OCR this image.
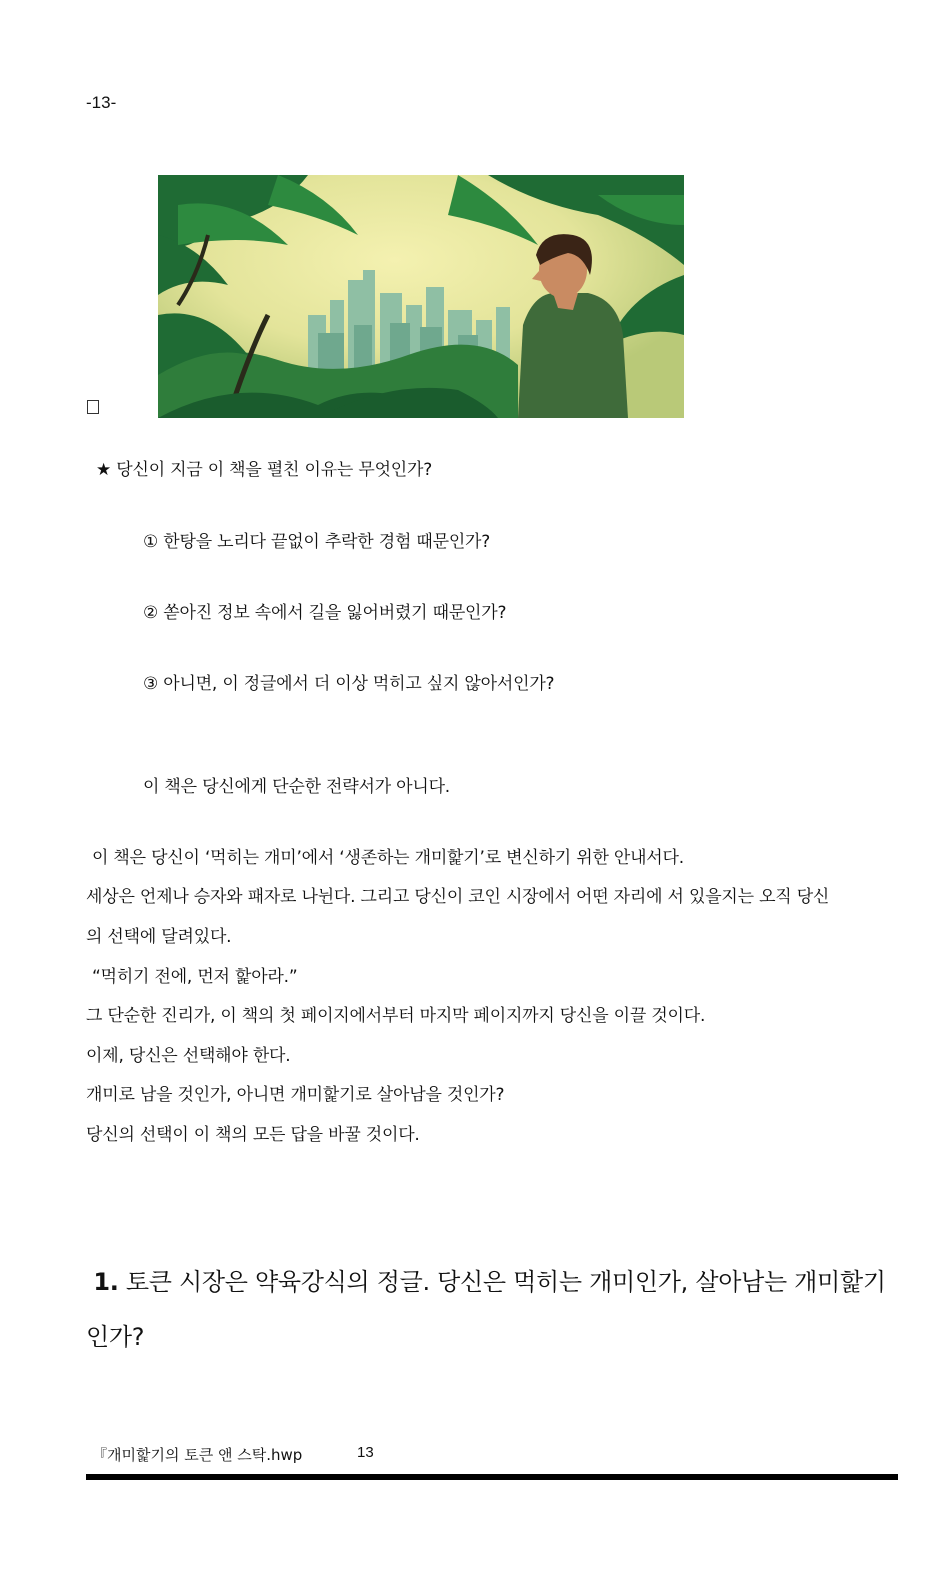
-13-
★ 당신이 지금 이 책을 펼친 이유는 무엇인가?
① 한탕을 노리다 끝없이 추락한 경험 때문인가?
② 쏟아진 정보 속에서 길을 잃어버렸기 때문인가?
③ 아니면, 이 정글에서 더 이상 먹히고 싶지 않아서인가?
이 책은 당신에게 단순한 전략서가 아니다.
이 책은 당신이 ‘먹히는 개미’에서 ‘생존하는 개미핥기’로 변신하기 위한 안내서다.
세상은 언제나 승자와 패자로 나뉜다. 그리고 당신이 코인 시장에서 어떤 자리에 서 있을지는 오직 당신
의 선택에 달려있다.
“먹히기 전에, 먼저 핥아라.”
그 단순한 진리가, 이 책의 첫 페이지에서부터 마지막 페이지까지 당신을 이끌 것이다.
이제, 당신은 선택해야 한다.
개미로 남을 것인가, 아니면 개미핥기로 살아남을 것인가?
당신의 선택이 이 책의 모든 답을 바꿀 것이다.
1. 토큰 시장은 약육강식의 정글. 당신은 먹히는 개미인가, 살아남는 개미핥기인가?
『개미핥기의 토큰 앤 스탁.hwp	13
